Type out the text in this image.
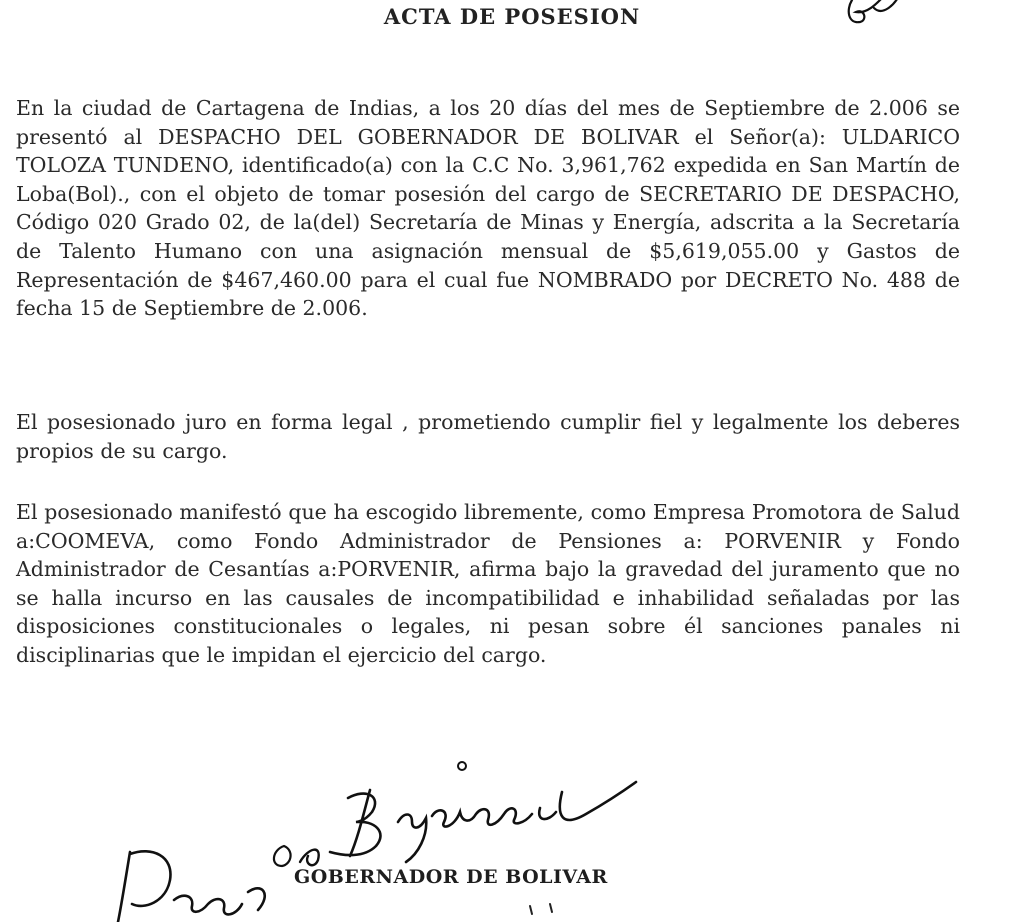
ACTA DE POSESION

En la ciudad de Cartagena de Indias, a los 20 días del mes de Septiembre de 2.006 se presentó al DESPACHO DEL GOBERNADOR DE BOLIVAR el Señor(a): ULDARICO TOLOZA TUNDENO, identificado(a) con la C.C No. 3,961,762 expedida en San Martín de Loba(Bol)., con el objeto de tomar posesión del cargo de SECRETARIO DE DESPACHO, Código 020 Grado 02, de la(del) Secretaría de Minas y Energía, adscrita a la Secretaría de Talento Humano con una asignación mensual de $5,619,055.00 y Gastos de Representación de $467,460.00 para el cual fue NOMBRADO por DECRETO No. 488 de fecha 15 de Septiembre de 2.006.

El posesionado juro en forma legal , prometiendo cumplir fiel y legalmente los deberes propios de su cargo.

El posesionado manifestó que ha escogido libremente, como Empresa Promotora de Salud a:COOMEVA, como Fondo Administrador de Pensiones a: PORVENIR y Fondo Administrador de Cesantías a:PORVENIR, afirma bajo la gravedad del juramento que no se halla incurso en las causales de incompatibilidad e inhabilidad señaladas por las disposiciones constitucionales o legales, ni pesan sobre él sanciones panales ni disciplinarias que le impidan el ejercicio del cargo.

GOBERNADOR DE BOLIVAR
